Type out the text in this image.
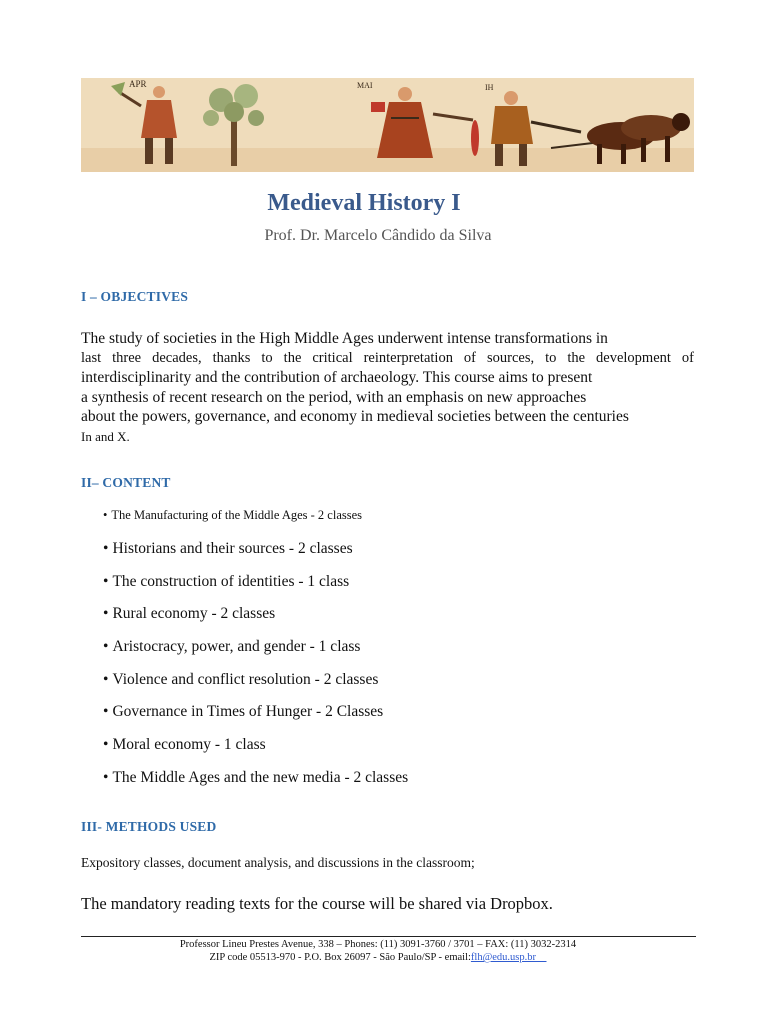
APR	MAI	IH
Medieval History I
Prof. Dr. Marcelo Cândido da Silva
I – OBJECTIVES
The study of societies in the High Middle Ages underwent intense transformations in
last three decades, thanks to the critical reinterpretation of sources, to the development of
interdisciplinarity and the contribution of archaeology. This course aims to present
a synthesis of recent research on the period, with an emphasis on new approaches
about the powers, governance, and economy in medieval societies between the centuries
In and X.
II– CONTENT
• The Manufacturing of the Middle Ages - 2 classes
• Historians and their sources - 2 classes
• The construction of identities - 1 class
• Rural economy - 2 classes
• Aristocracy, power, and gender - 1 class
• Violence and conflict resolution - 2 classes
• Governance in Times of Hunger - 2 Classes
• Moral economy - 1 class
• The Middle Ages and the new media - 2 classes
III- METHODS USED
Expository classes, document analysis, and discussions in the classroom;
The mandatory reading texts for the course will be shared via Dropbox.
Professor Lineu Prestes Avenue, 338 – Phones: (11) 3091-3760 / 3701 – FAX: (11) 3032-2314
ZIP code 05513-970 - P.O. Box 26097 - São Paulo/SP - email:flh@edu.usp.br
